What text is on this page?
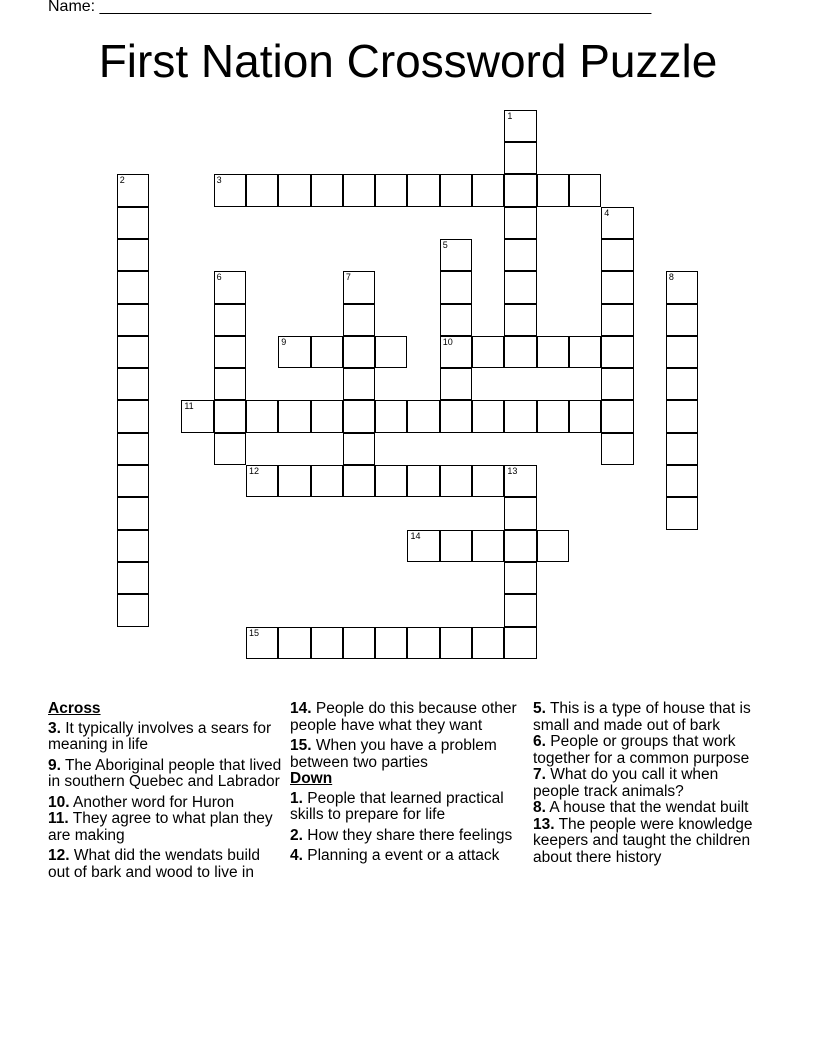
Name: ______________________________________________________________
First Nation Crossword Puzzle
1
2	3
4
5
6	7	8
9	10
11
12	13
14
15
Across
3. It typically involves a sears for meaning in life
9. The Aboriginal people that lived in southern Quebec and Labrador
10. Another word for Huron
11. They agree to what plan they are making
12. What did the wendats build out of bark and wood to live in
14. People do this because other people have what they want
15. When you have a problem between two parties
Down
1. People that learned practical skills to prepare for life
2. How they share there feelings
4. Planning a event or a attack
5. This is a type of house that is small and made out of bark
6. People or groups that work together for a common purpose
7. What do you call it when people track animals?
8. A house that the wendat built
13. The people were knowledge keepers and taught the children about there history
